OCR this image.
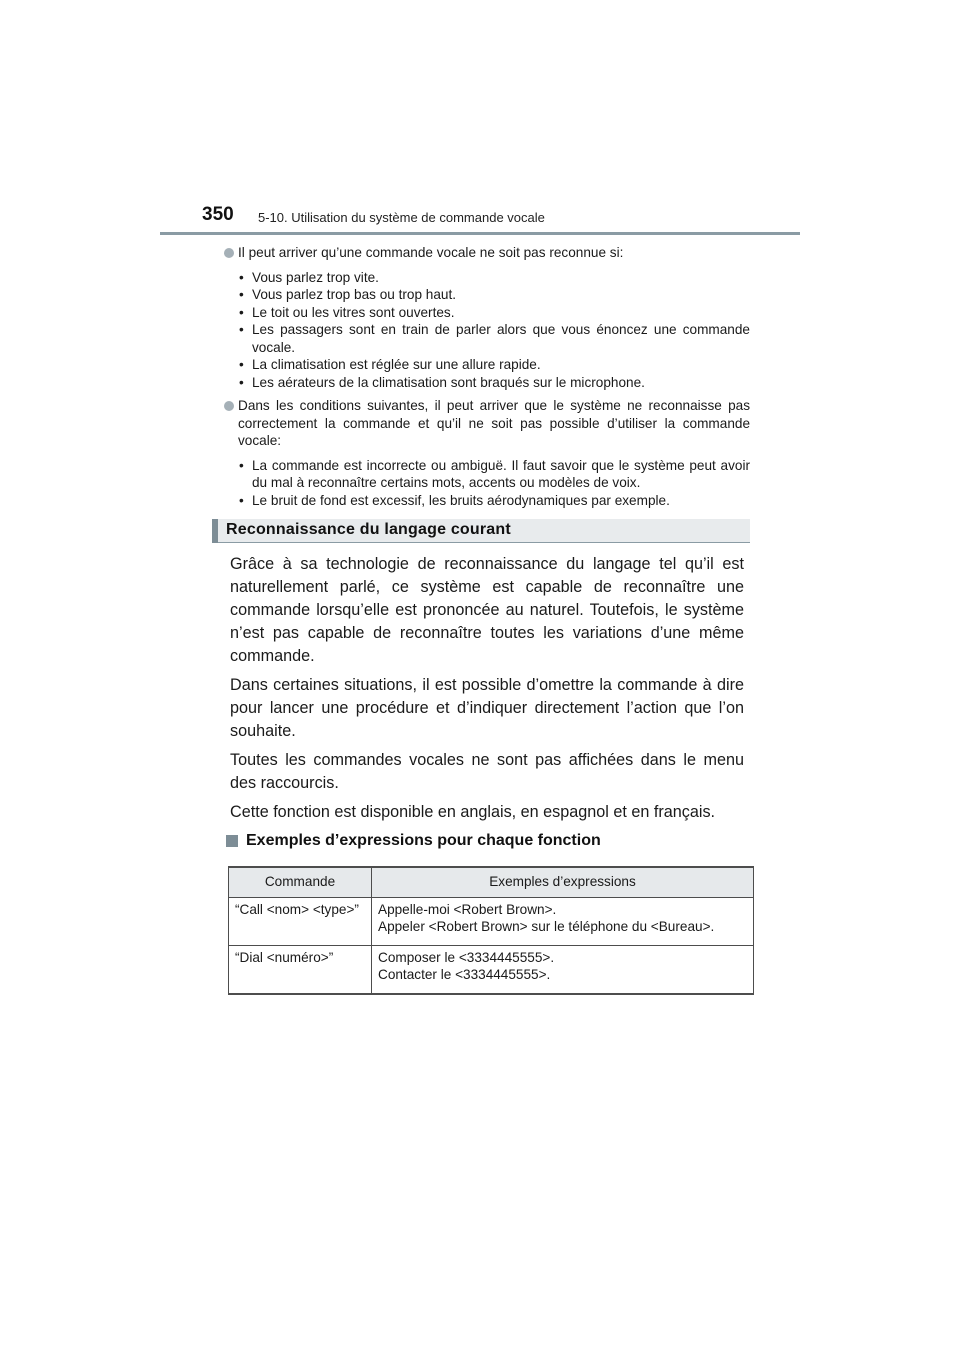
350 5-10. Utilisation du système de commande vocale
Il peut arriver qu’une commande vocale ne soit pas reconnue si:
• Vous parlez trop vite.
• Vous parlez trop bas ou trop haut.
• Le toit ou les vitres sont ouvertes.
• Les passagers sont en train de parler alors que vous énoncez une commande vocale.
• La climatisation est réglée sur une allure rapide.
• Les aérateurs de la climatisation sont braqués sur le microphone.
Dans les conditions suivantes, il peut arriver que le système ne reconnaisse pas correctement la commande et qu’il ne soit pas possible d’utiliser la commande vocale:
• La commande est incorrecte ou ambiguë. Il faut savoir que le système peut avoir du mal à reconnaître certains mots, accents ou modèles de voix.
• Le bruit de fond est excessif, les bruits aérodynamiques par exemple.
Reconnaissance du langage courant

Grâce à sa technologie de reconnaissance du langage tel qu’il est naturellement parlé, ce système est capable de reconnaître une commande lorsqu’elle est prononcée au naturel. Toutefois, le système n’est pas capable de reconnaître toutes les variations d’une même commande.

Dans certaines situations, il est possible d’omettre la commande à dire pour lancer une procédure et d’indiquer directement l’action que l’on souhaite.

Toutes les commandes vocales ne sont pas affichées dans le menu des raccourcis.

Cette fonction est disponible en anglais, en espagnol et en français.

Exemples d’expressions pour chaque fonction
Commande	Exemples d’expressions
“Call <nom> <type>”	Appelle-moi <Robert Brown>.
Appeler <Robert Brown> sur le téléphone du <Bureau>.

“Dial <numéro>”	Composer le <3334445555>.
Contacter le <3334445555>.
